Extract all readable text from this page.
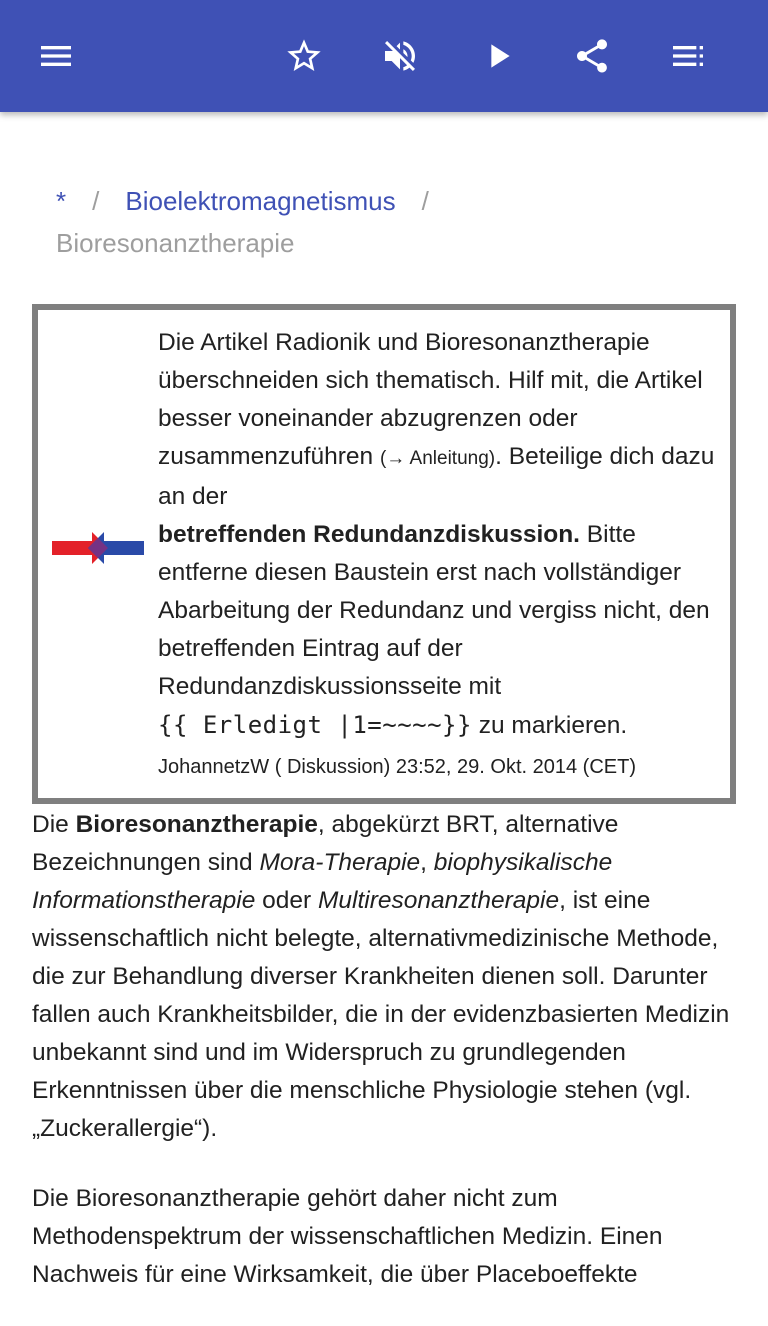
* / Bioelektromagnetismus /
Bioresonanztherapie
Die Artikel Radionik und Bioresonanztherapie überschneiden sich thematisch. Hilf mit, die Artikel besser voneinander abzugrenzen oder zusammenzuführen (→ Anleitung). Beteilige dich dazu an der
betreffenden Redundanzdiskussion. Bitte entferne diesen Baustein erst nach vollständiger Abarbeitung der Redundanz und vergiss nicht, den betreffenden Eintrag auf der Redundanzdiskussionsseite mit
{{ Erledigt |1=~~~~}} zu markieren.
JohannetzW ( Diskussion) 23:52, 29. Okt. 2014 (CET)

Die Bioresonanztherapie, abgekürzt BRT, alternative Bezeichnungen sind Mora-Therapie, biophysikalische Informationstherapie oder Multiresonanztherapie, ist eine wissenschaftlich nicht belegte, alternativmedizinische Methode, die zur Behandlung diverser Krankheiten dienen soll. Darunter fallen auch Krankheitsbilder, die in der evidenzbasierten Medizin unbekannt sind und im Widerspruch zu grundlegenden Erkenntnissen über die menschliche Physiologie stehen (vgl. „Zuckerallergie“).

Die Bioresonanztherapie gehört daher nicht zum Methodenspektrum der wissenschaftlichen Medizin. Einen Nachweis für eine Wirksamkeit, die über Placeboeffekte
